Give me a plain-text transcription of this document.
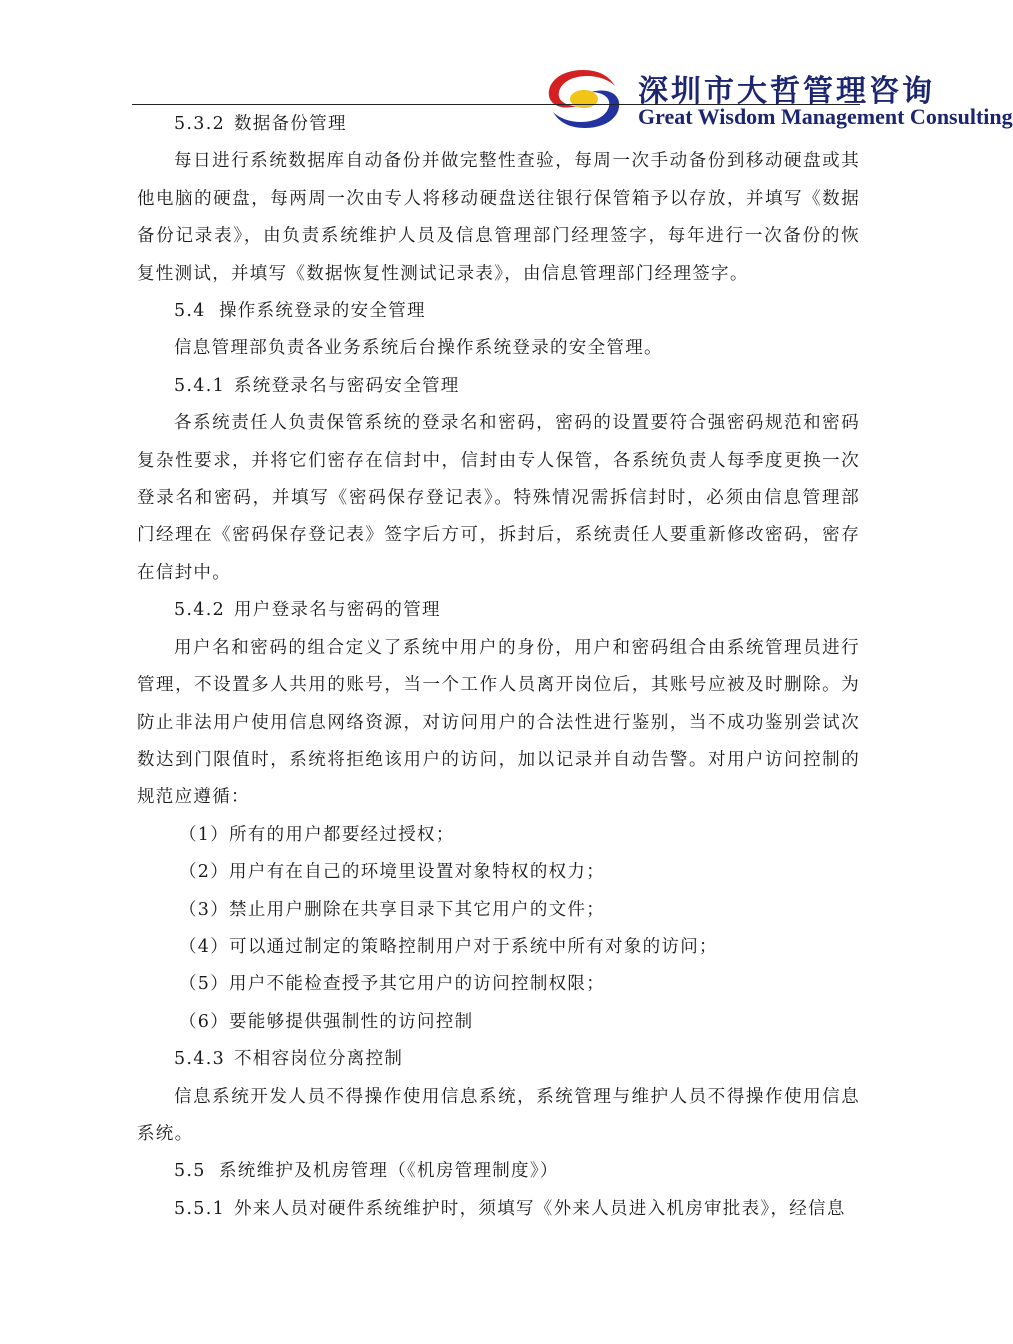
深圳市大哲管理咨询
Great Wisdom Management Consulting

5.3.2 数据备份管理

每日进行系统数据库自动备份并做完整性查验，每周一次手动备份到移动硬盘或其他电脑的硬盘，每两周一次由专人将移动硬盘送往银行保管箱予以存放，并填写《数据备份记录表》，由负责系统维护人员及信息管理部门经理签字，每年进行一次备份的恢复性测试，并填写《数据恢复性测试记录表》，由信息管理部门经理签字。

5.4 操作系统登录的安全管理

信息管理部负责各业务系统后台操作系统登录的安全管理。

5.4.1 系统登录名与密码安全管理

各系统责任人负责保管系统的登录名和密码，密码的设置要符合强密码规范和密码复杂性要求，并将它们密存在信封中，信封由专人保管，各系统负责人每季度更换一次登录名和密码，并填写《密码保存登记表》。特殊情况需拆信封时，必须由信息管理部门经理在《密码保存登记表》签字后方可，拆封后，系统责任人要重新修改密码，密存在信封中。

5.4.2 用户登录名与密码的管理

用户名和密码的组合定义了系统中用户的身份，用户和密码组合由系统管理员进行管理，不设置多人共用的账号，当一个工作人员离开岗位后，其账号应被及时删除。为防止非法用户使用信息网络资源，对访问用户的合法性进行鉴别，当不成功鉴别尝试次数达到门限值时，系统将拒绝该用户的访问，加以记录并自动告警。对用户访问控制的规范应遵循：

（1）所有的用户都要经过授权；

（2）用户有在自己的环境里设置对象特权的权力；

（3）禁止用户删除在共享目录下其它用户的文件；

（4）可以通过制定的策略控制用户对于系统中所有对象的访问；

（5）用户不能检查授予其它用户的访问控制权限；

（6）要能够提供强制性的访问控制

5.4.3 不相容岗位分离控制

信息系统开发人员不得操作使用信息系统，系统管理与维护人员不得操作使用信息系统。

5.5 系统维护及机房管理（《机房管理制度》）

5.5.1 外来人员对硬件系统维护时，须填写《外来人员进入机房审批表》，经信息
